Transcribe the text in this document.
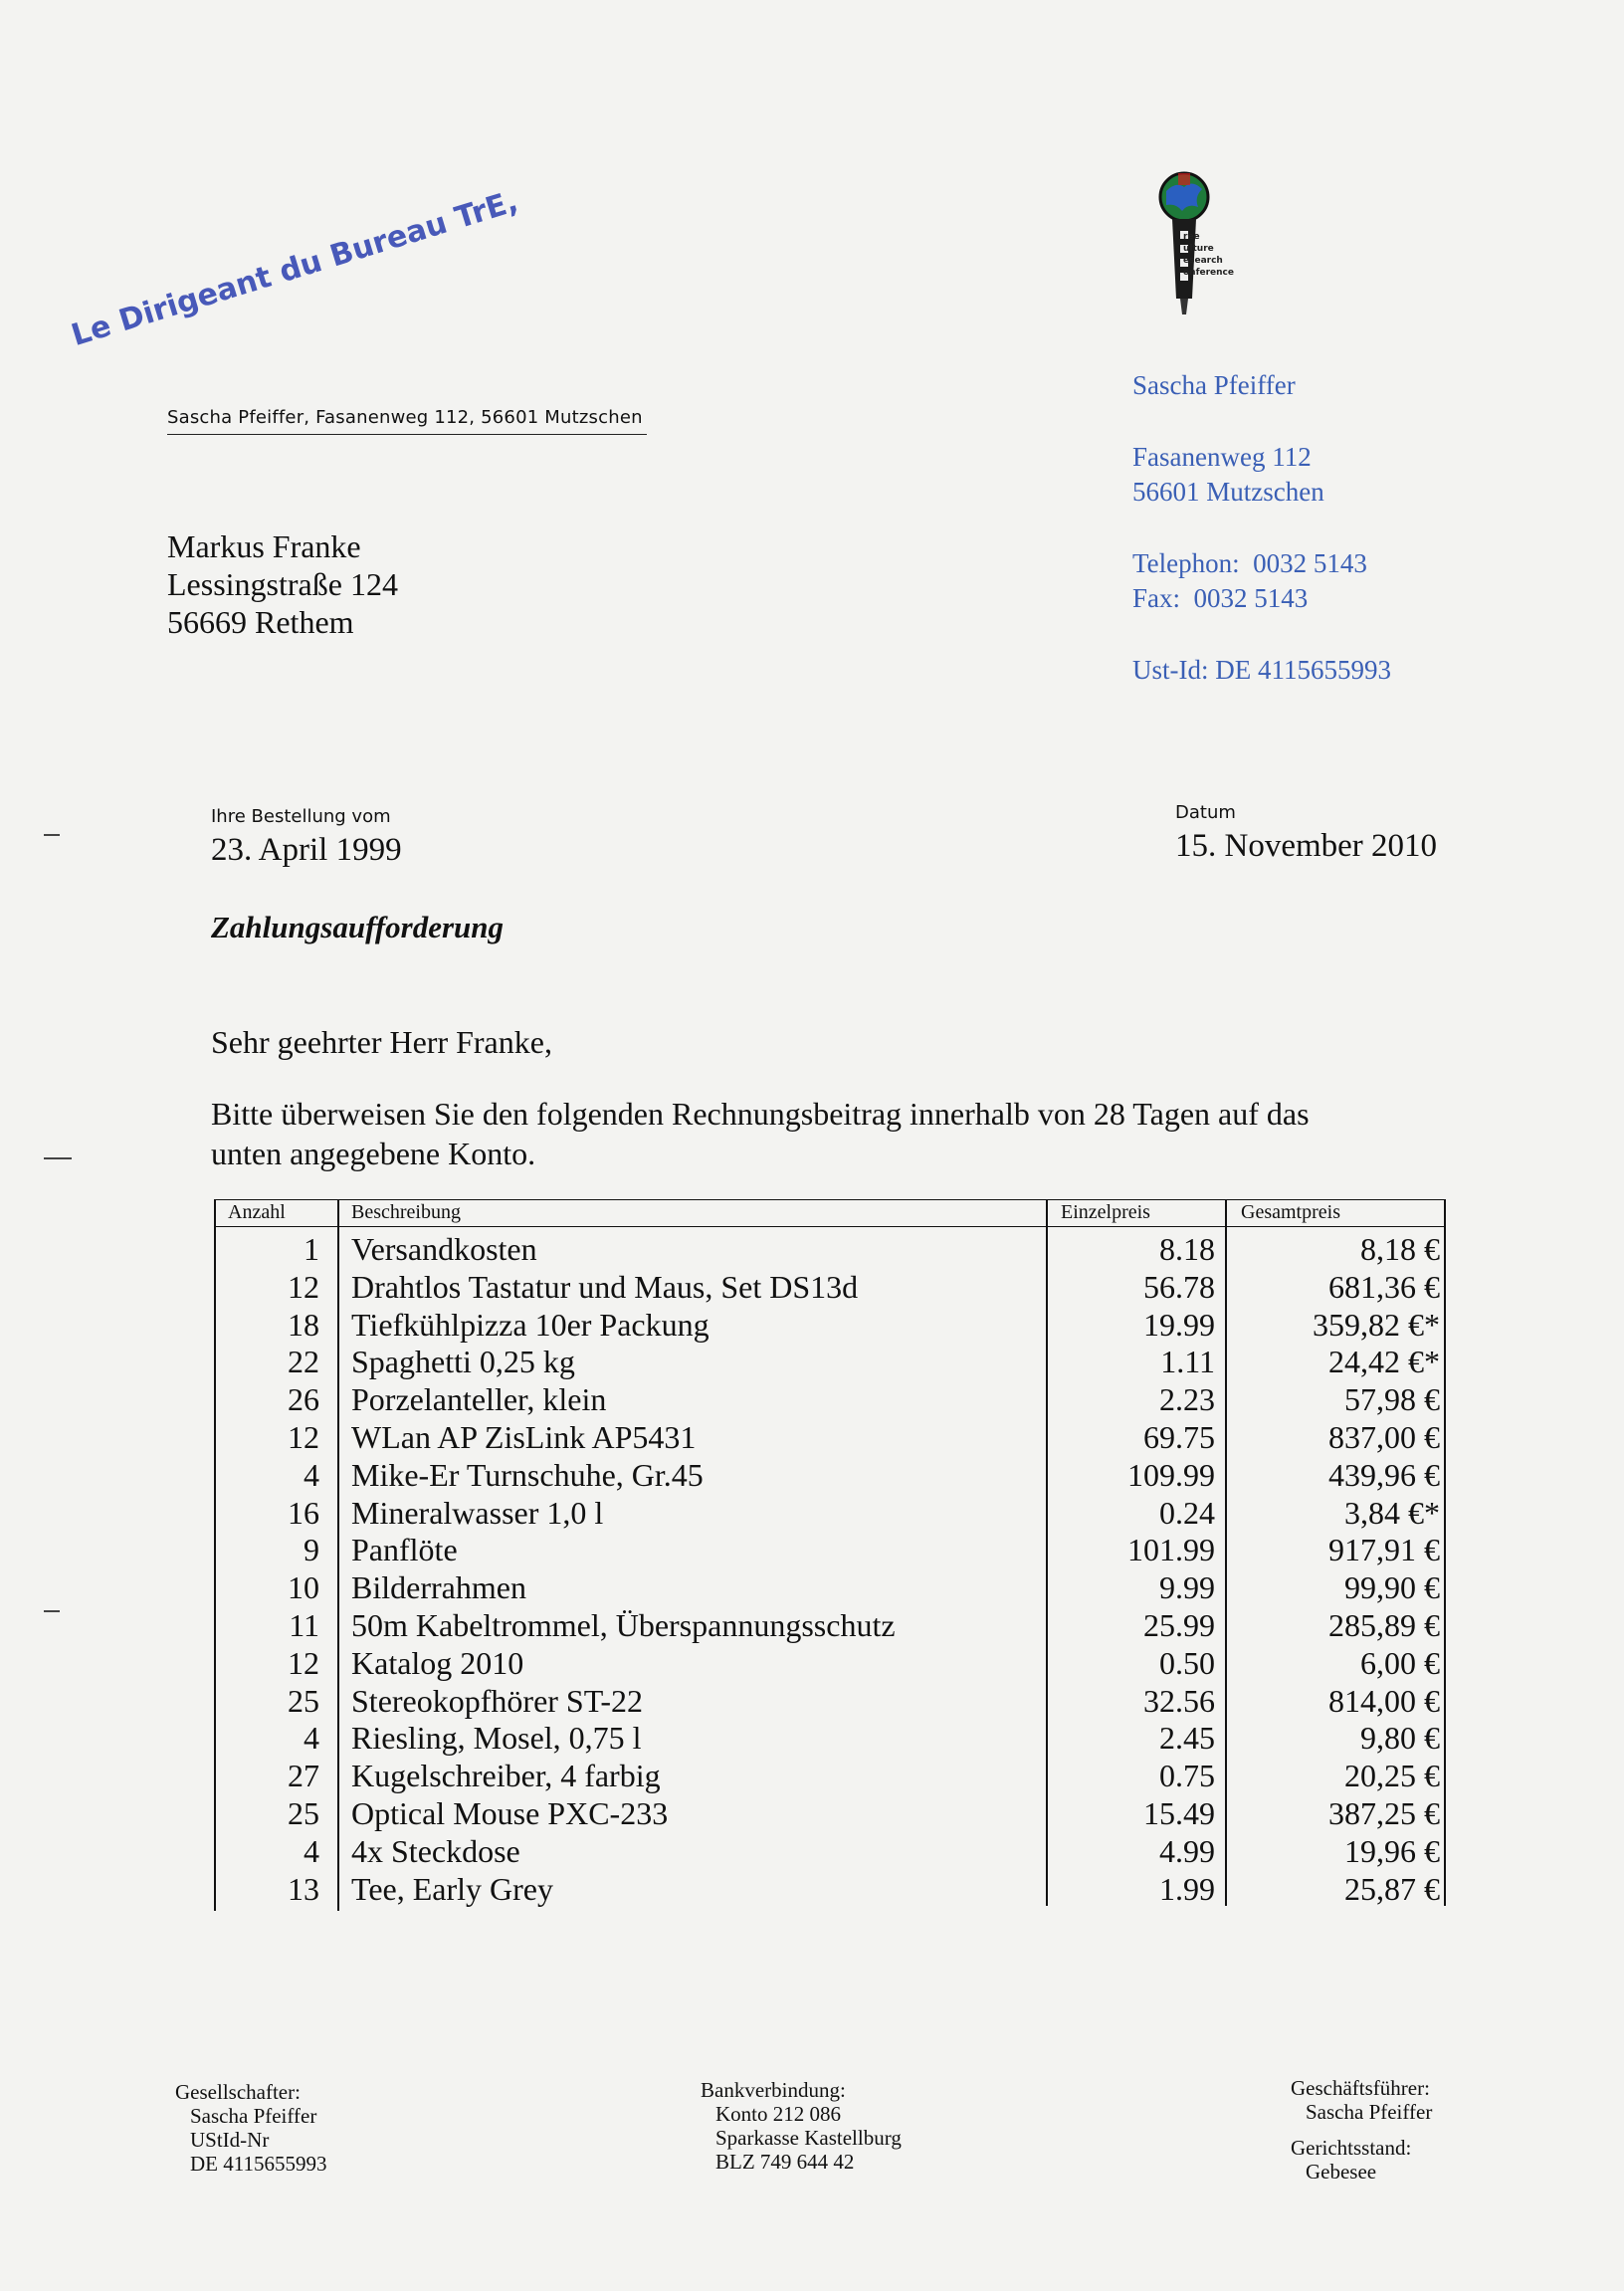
Le Dirigeant du Bureau TrE,
Sascha Pfeiffer, Fasanenweg 112, 56601 Mutzschen
ree
ulture
esearch
onference
Markus Franke
Lessingstraße 124
56669 Rethem
Sascha Pfeiffer
Fasanenweg 112
56601 Mutzschen
Telephon:  0032 5143
Fax:  0032 5143
Ust-Id: DE 4115655993
Ihre Bestellung vom
23. April 1999
Datum
15. November 2010
Zahlungsaufforderung
Sehr geehrter Herr Franke,
Bitte überweisen Sie den folgenden Rechnungsbeitrag innerhalb von 28 Tagen auf das
unten angegebene Konto.
Anzahl	Beschreibung	Einzelpreis	Gesamtpreis
1 Versandkosten	8.18	8,18 €
12 Drahtlos Tastatur und Maus, Set DS13d	56.78	681,36 €
18 Tiefkühlpizza 10er Packung	19.99	359,82 €*
22 Spaghetti 0,25 kg	1.11	24,42 €*
26 Porzelanteller, klein	2.23	57,98 €
12 WLan AP ZisLink AP5431	69.75	837,00 €
4 Mike-Er Turnschuhe, Gr.45	109.99	439,96 €
16 Mineralwasser 1,0 l	0.24	3,84 €*
9 Panflöte	101.99	917,91 €
10 Bilderrahmen	9.99	99,90 €
11 50m Kabeltrommel, Überspannungsschutz	25.99	285,89 €
12 Katalog 2010	0.50	6,00 €
25 Stereokopfhörer ST-22	32.56	814,00 €
4 Riesling, Mosel, 0,75 l	2.45	9,80 €
27 Kugelschreiber, 4 farbig	0.75	20,25 €
25 Optical Mouse PXC-233	15.49	387,25 €
4 4x Steckdose	4.99	19,96 €
13 Tee, Early Grey	1.99	25,87 €
Gesellschafter:
Sascha Pfeiffer
UStId-Nr
DE 4115655993
Bankverbindung:
Konto 212 086
Sparkasse Kastellburg
BLZ 749 644 42
Geschäftsführer:
Sascha Pfeiffer
Gerichtsstand:
Gebesee
